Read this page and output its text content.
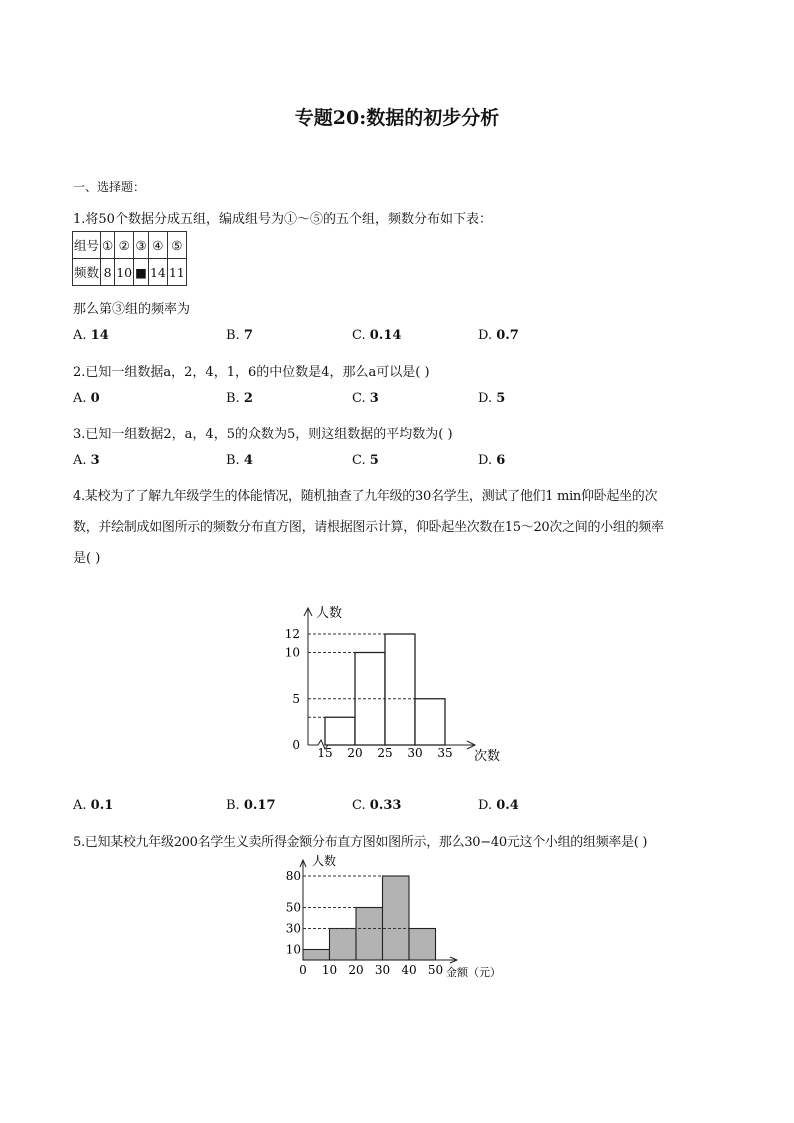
专题20:数据的初步分析
一、选择题：
1.将50个数据分成五组，编成组号为①～⑤的五个组，频数分布如下表：
组号	①	②	③	④	⑤
频数	8	10	■	14	11
那么第③组的频率为
A. 14	B. 7	C. 0.14	D. 0.7
2.已知一组数据a，2，4，1，6的中位数是4，那么a可以是( )
A. 0	B. 2	C. 3	D. 5
3.已知一组数据2，a，4，5的众数为5，则这组数据的平均数为( )
A. 3	B. 4	C. 5	D. 6
4.某校为了了解九年级学生的体能情况，随机抽查了九年级的30名学生，测试了他们1 min仰卧起坐的次
数，并绘制成如图所示的频数分布直方图，请根据图示计算，仰卧起坐次数在15～20次之间的小组的频率
是( )
0
5
10
12
15 20 25 30 35
人数
次数
A. 0.1	B. 0.17	C. 0.33	D. 0.4
5.已知某校九年级200名学生义卖所得金额分布直方图如图所示，那么30−40元这个小组的组频率是( )
10
30
50
80
0 10 20 30 40 50
人数
金额（元）
